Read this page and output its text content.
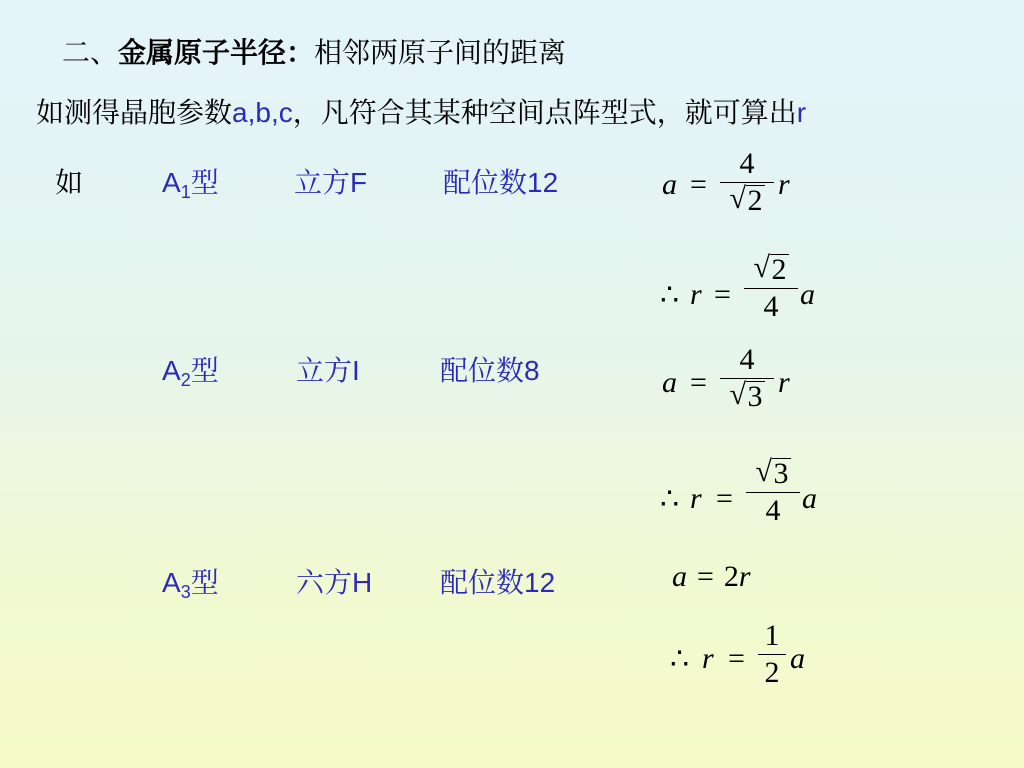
二、金属原子半径：相邻两原子间的距离
如测得晶胞参数a,b,c，凡符合其某种空间点阵型式，就可算出r
如	$A_1$型	立方F	配位数12	a =
4
√ 2 r
∴ r =
√ 2
4 a
$A_2$型	立方I	配位数8	a =
4
√ 3 r
∴ r =
√ 3
4 a
$A_3$型	六方H 配位数12	a = 2r
∴ r =
1
2 a
